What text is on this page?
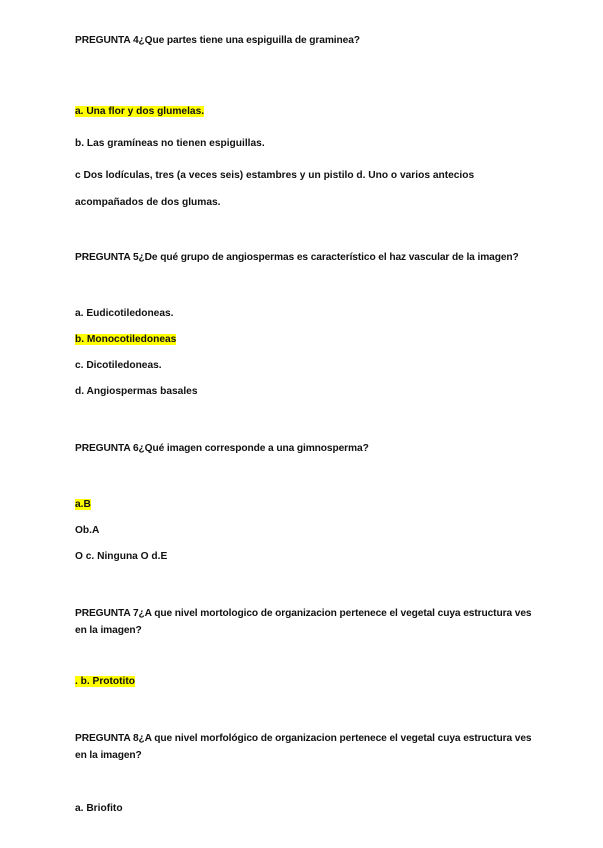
PREGUNTA 4¿Que partes tiene una espiguilla de graminea?

a. Una flor y dos glumelas.

b. Las gramíneas no tienen espiguillas.

c Dos lodículas, tres (a veces seis) estambres y un pistilo d. Uno o varios antecios acompañados de dos glumas.

PREGUNTA 5¿De qué grupo de angiospermas es característico el haz vascular de la imagen?

a. Eudicotiledoneas.

b. Monocotiledoneas

c. Dicotiledoneas.

d. Angiospermas basales

PREGUNTA 6¿Qué imagen corresponde a una gimnosperma?

a.B

Ob.A

O c. Ninguna O d.E

PREGUNTA 7¿A que nivel mortologico de organizacion pertenece el vegetal cuya estructura ves en la imagen?

. b. Prototito

PREGUNTA 8¿A que nivel morfológico de organizacion pertenece el vegetal cuya estructura ves en la imagen?

a. Briofito
